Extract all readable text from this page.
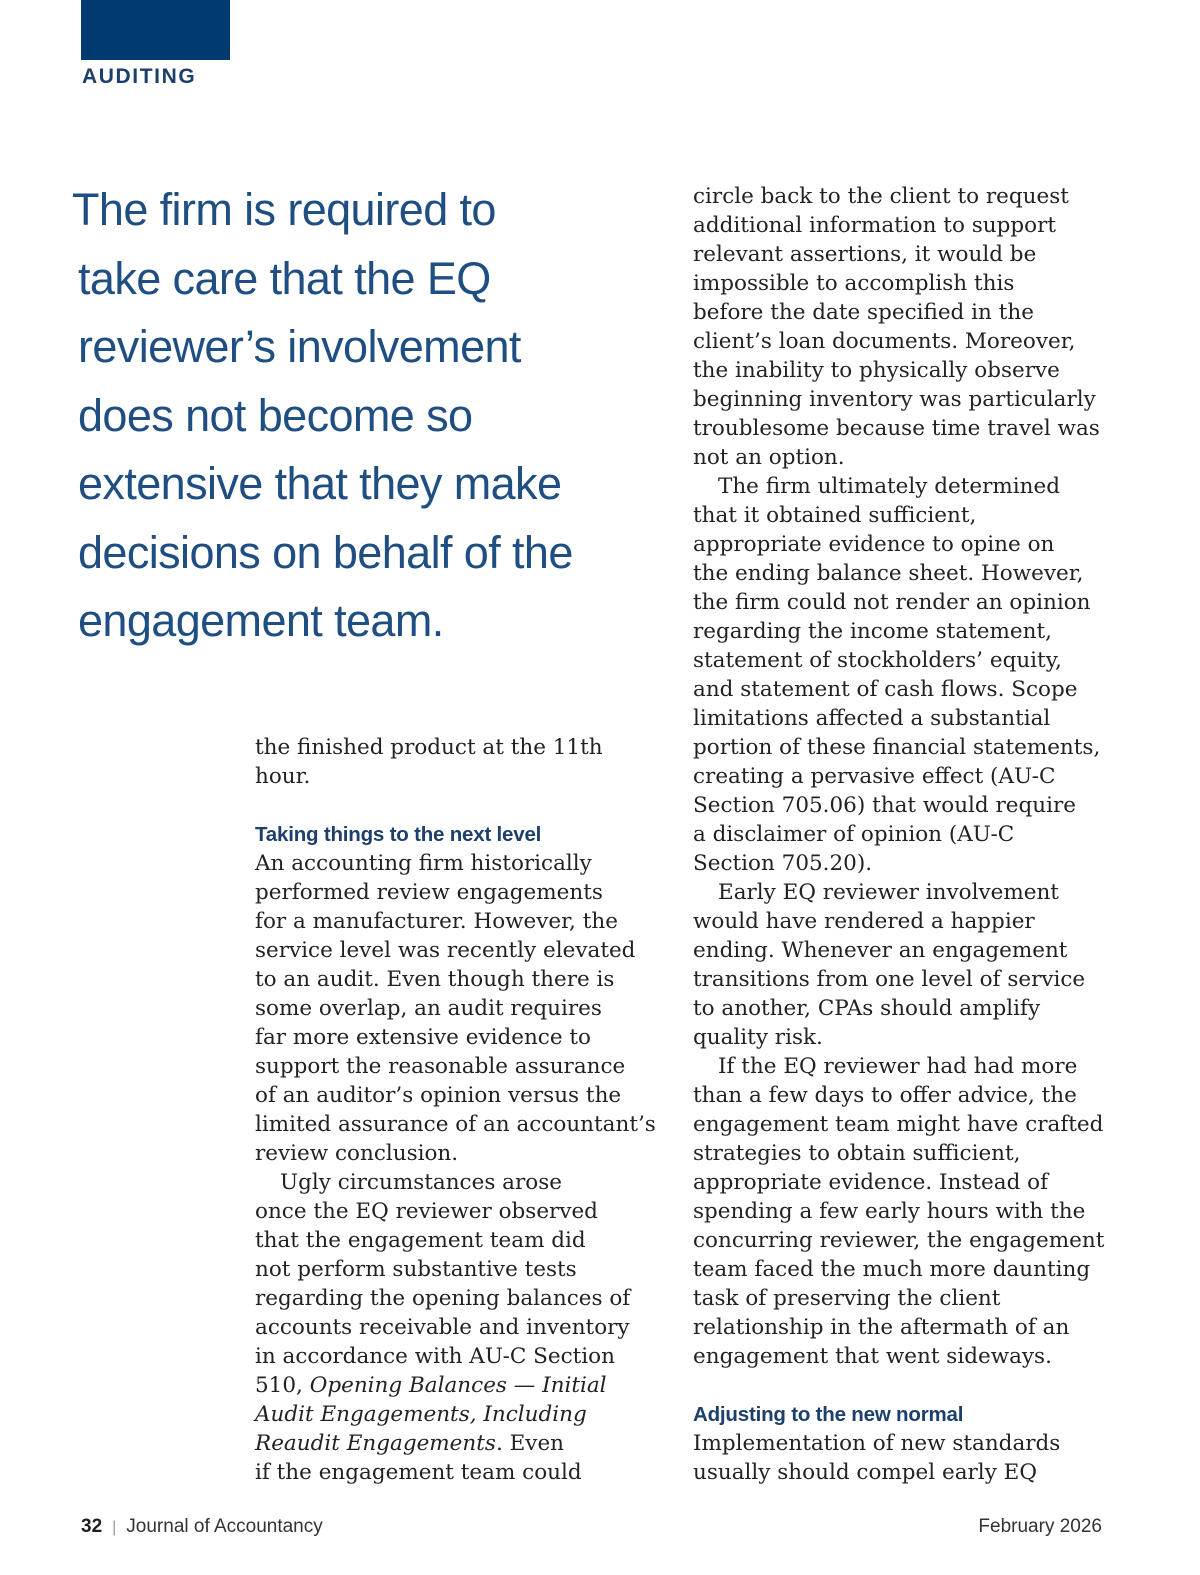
AUDITING
The firm is required to
take care that the EQ
reviewer’s involvement
does not become so
extensive that they make
decisions on behalf of the
engagement team.
the finished product at the 11th
hour.
Taking things to the next level
An accounting firm historically
performed review engagements
for a manufacturer. However, the
service level was recently elevated
to an audit. Even though there is
some overlap, an audit requires
far more extensive evidence to
support the reasonable assurance
of an auditor’s opinion versus the
limited assurance of an accountant’s
review conclusion.
Ugly circumstances arose
once the EQ reviewer observed
that the engagement team did
not perform substantive tests
regarding the opening balances of
accounts receivable and inventory
in accordance with AU-C Section
510, Opening Balances — Initial
Audit Engagements, Including
Reaudit Engagements. Even
if the engagement team could
circle back to the client to request
additional information to support
relevant assertions, it would be
impossible to accomplish this
before the date specified in the
client’s loan documents. Moreover,
the inability to physically observe
beginning inventory was particularly
troublesome because time travel was
not an option.
The firm ultimately determined
that it obtained sufficient,
appropriate evidence to opine on
the ending balance sheet. However,
the firm could not render an opinion
regarding the income statement,
statement of stockholders’ equity,
and statement of cash flows. Scope
limitations affected a substantial
portion of these financial statements,
creating a pervasive effect (AU-C
Section 705.06) that would require
a disclaimer of opinion (AU-C
Section 705.20).
Early EQ reviewer involvement
would have rendered a happier
ending. Whenever an engagement
transitions from one level of service
to another, CPAs should amplify
quality risk.
If the EQ reviewer had had more
than a few days to offer advice, the
engagement team might have crafted
strategies to obtain sufficient,
appropriate evidence. Instead of
spending a few early hours with the
concurring reviewer, the engagement
team faced the much more daunting
task of preserving the client
relationship in the aftermath of an
engagement that went sideways.
Adjusting to the new normal
Implementation of new standards
usually should compel early EQ
32 | Journal of Accountancy	February 2026
